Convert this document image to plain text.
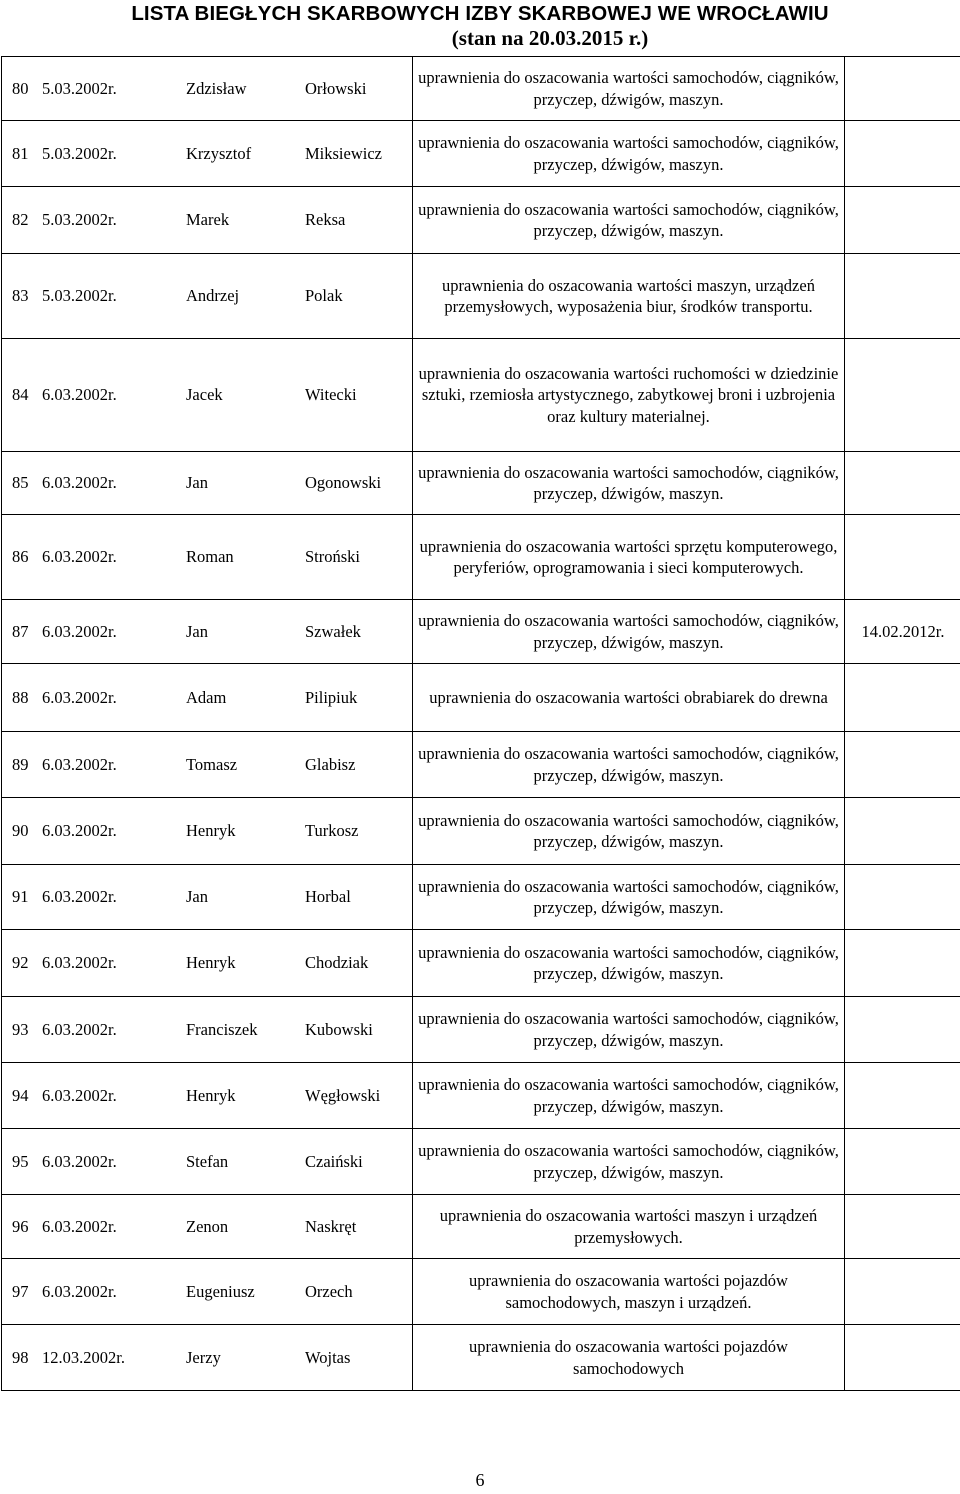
LISTA BIEGŁYCH SKARBOWYCH IZBY SKARBOWEJ WE WROCŁAWIU
(stan na 20.03.2015 r.)
80 5.03.2002r. Zdzisław Orłowski	uprawnienia do oszacowania wartości samochodów, ciągników, przyczep, dźwigów, maszyn.	

81 5.03.2002r. Krzysztof Miksiewicz	uprawnienia do oszacowania wartości samochodów, ciągników, przyczep, dźwigów, maszyn.	

82 5.03.2002r. Marek Reksa	uprawnienia do oszacowania wartości samochodów, ciągników, przyczep, dźwigów, maszyn.	

83 5.03.2002r. Andrzej Polak	uprawnienia do oszacowania wartości maszyn, urządzeń przemysłowych, wyposażenia biur, środków transportu.	

84 6.03.2002r. Jacek Witecki	uprawnienia do oszacowania wartości ruchomości w dziedzinie sztuki, rzemiosła artystycznego, zabytkowej broni i uzbrojenia oraz kultury materialnej.	

85 6.03.2002r. Jan Ogonowski	uprawnienia do oszacowania wartości samochodów, ciągników, przyczep, dźwigów, maszyn.	

86 6.03.2002r. Roman Stroński	uprawnienia do oszacowania wartości sprzętu komputerowego, peryferiów, oprogramowania i sieci komputerowych.	

87 6.03.2002r. Jan Szwałek	uprawnienia do oszacowania wartości samochodów, ciągników, przyczep, dźwigów, maszyn.	14.02.2012r.

88 6.03.2002r. Adam Pilipiuk	uprawnienia do oszacowania wartości obrabiarek do drewna	

89 6.03.2002r. Tomasz Glabisz	uprawnienia do oszacowania wartości samochodów, ciągników, przyczep, dźwigów, maszyn.	

90 6.03.2002r. Henryk Turkosz	uprawnienia do oszacowania wartości samochodów, ciągników, przyczep, dźwigów, maszyn.	

91 6.03.2002r. Jan Horbal	uprawnienia do oszacowania wartości samochodów, ciągników, przyczep, dźwigów, maszyn.	

92 6.03.2002r. Henryk Chodziak	uprawnienia do oszacowania wartości samochodów, ciągników, przyczep, dźwigów, maszyn.	

93 6.03.2002r. Franciszek Kubowski	uprawnienia do oszacowania wartości samochodów, ciągników, przyczep, dźwigów, maszyn.	

94 6.03.2002r. Henryk Węgłowski	uprawnienia do oszacowania wartości samochodów, ciągników, przyczep, dźwigów, maszyn.	

95 6.03.2002r. Stefan Czaiński	uprawnienia do oszacowania wartości samochodów, ciągników, przyczep, dźwigów, maszyn.	

96 6.03.2002r. Zenon Naskręt	uprawnienia do oszacowania wartości maszyn i urządzeń przemysłowych.	

97 6.03.2002r. Eugeniusz Orzech	uprawnienia do oszacowania wartości pojazdów samochodowych, maszyn i urządzeń.	

98 12.03.2002r. Jerzy Wojtas	uprawnienia do oszacowania wartości pojazdów samochodowych	
6
